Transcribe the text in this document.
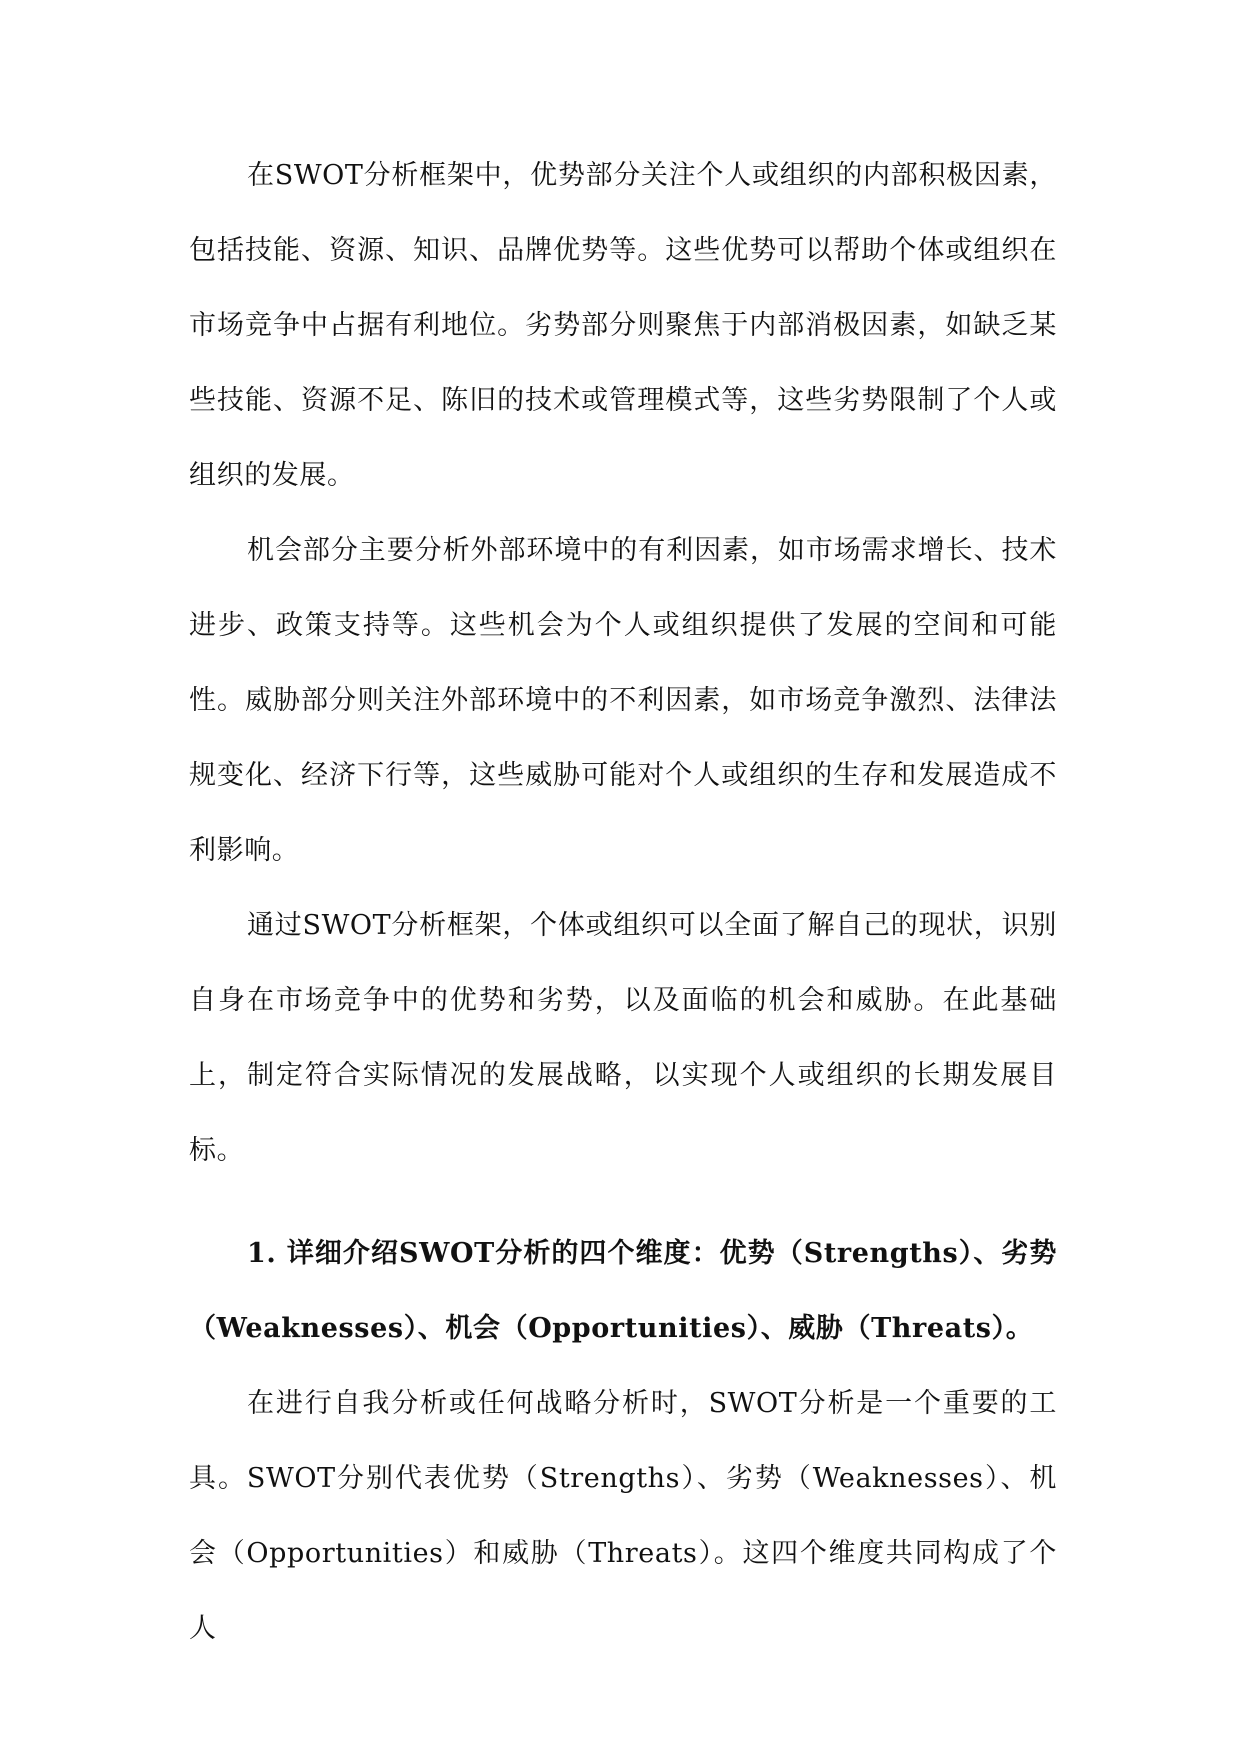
在SWOT分析框架中，优势部分关注个人或组织的内部积极因素，包括技能、资源、知识、品牌优势等。这些优势可以帮助个体或组织在市场竞争中占据有利地位。劣势部分则聚焦于内部消极因素，如缺乏某些技能、资源不足、陈旧的技术或管理模式等，这些劣势限制了个人或组织的发展。

机会部分主要分析外部环境中的有利因素，如市场需求增长、技术进步、政策支持等。这些机会为个人或组织提供了发展的空间和可能性。威胁部分则关注外部环境中的不利因素，如市场竞争激烈、法律法规变化、经济下行等，这些威胁可能对个人或组织的生存和发展造成不利影响。

通过SWOT分析框架，个体或组织可以全面了解自己的现状，识别自身在市场竞争中的优势和劣势，以及面临的机会和威胁。在此基础上，制定符合实际情况的发展战略，以实现个人或组织的长期发展目标。

1. 详细介绍SWOT分析的四个维度：优势（Strengths）、劣势（Weaknesses）、机会（Opportunities）、威胁（Threats）。

在进行自我分析或任何战略分析时，SWOT分析是一个重要的工具。SWOT分别代表优势（Strengths）、劣势（Weaknesses）、机会（Opportunities）和威胁（Threats）。这四个维度共同构成了个人
